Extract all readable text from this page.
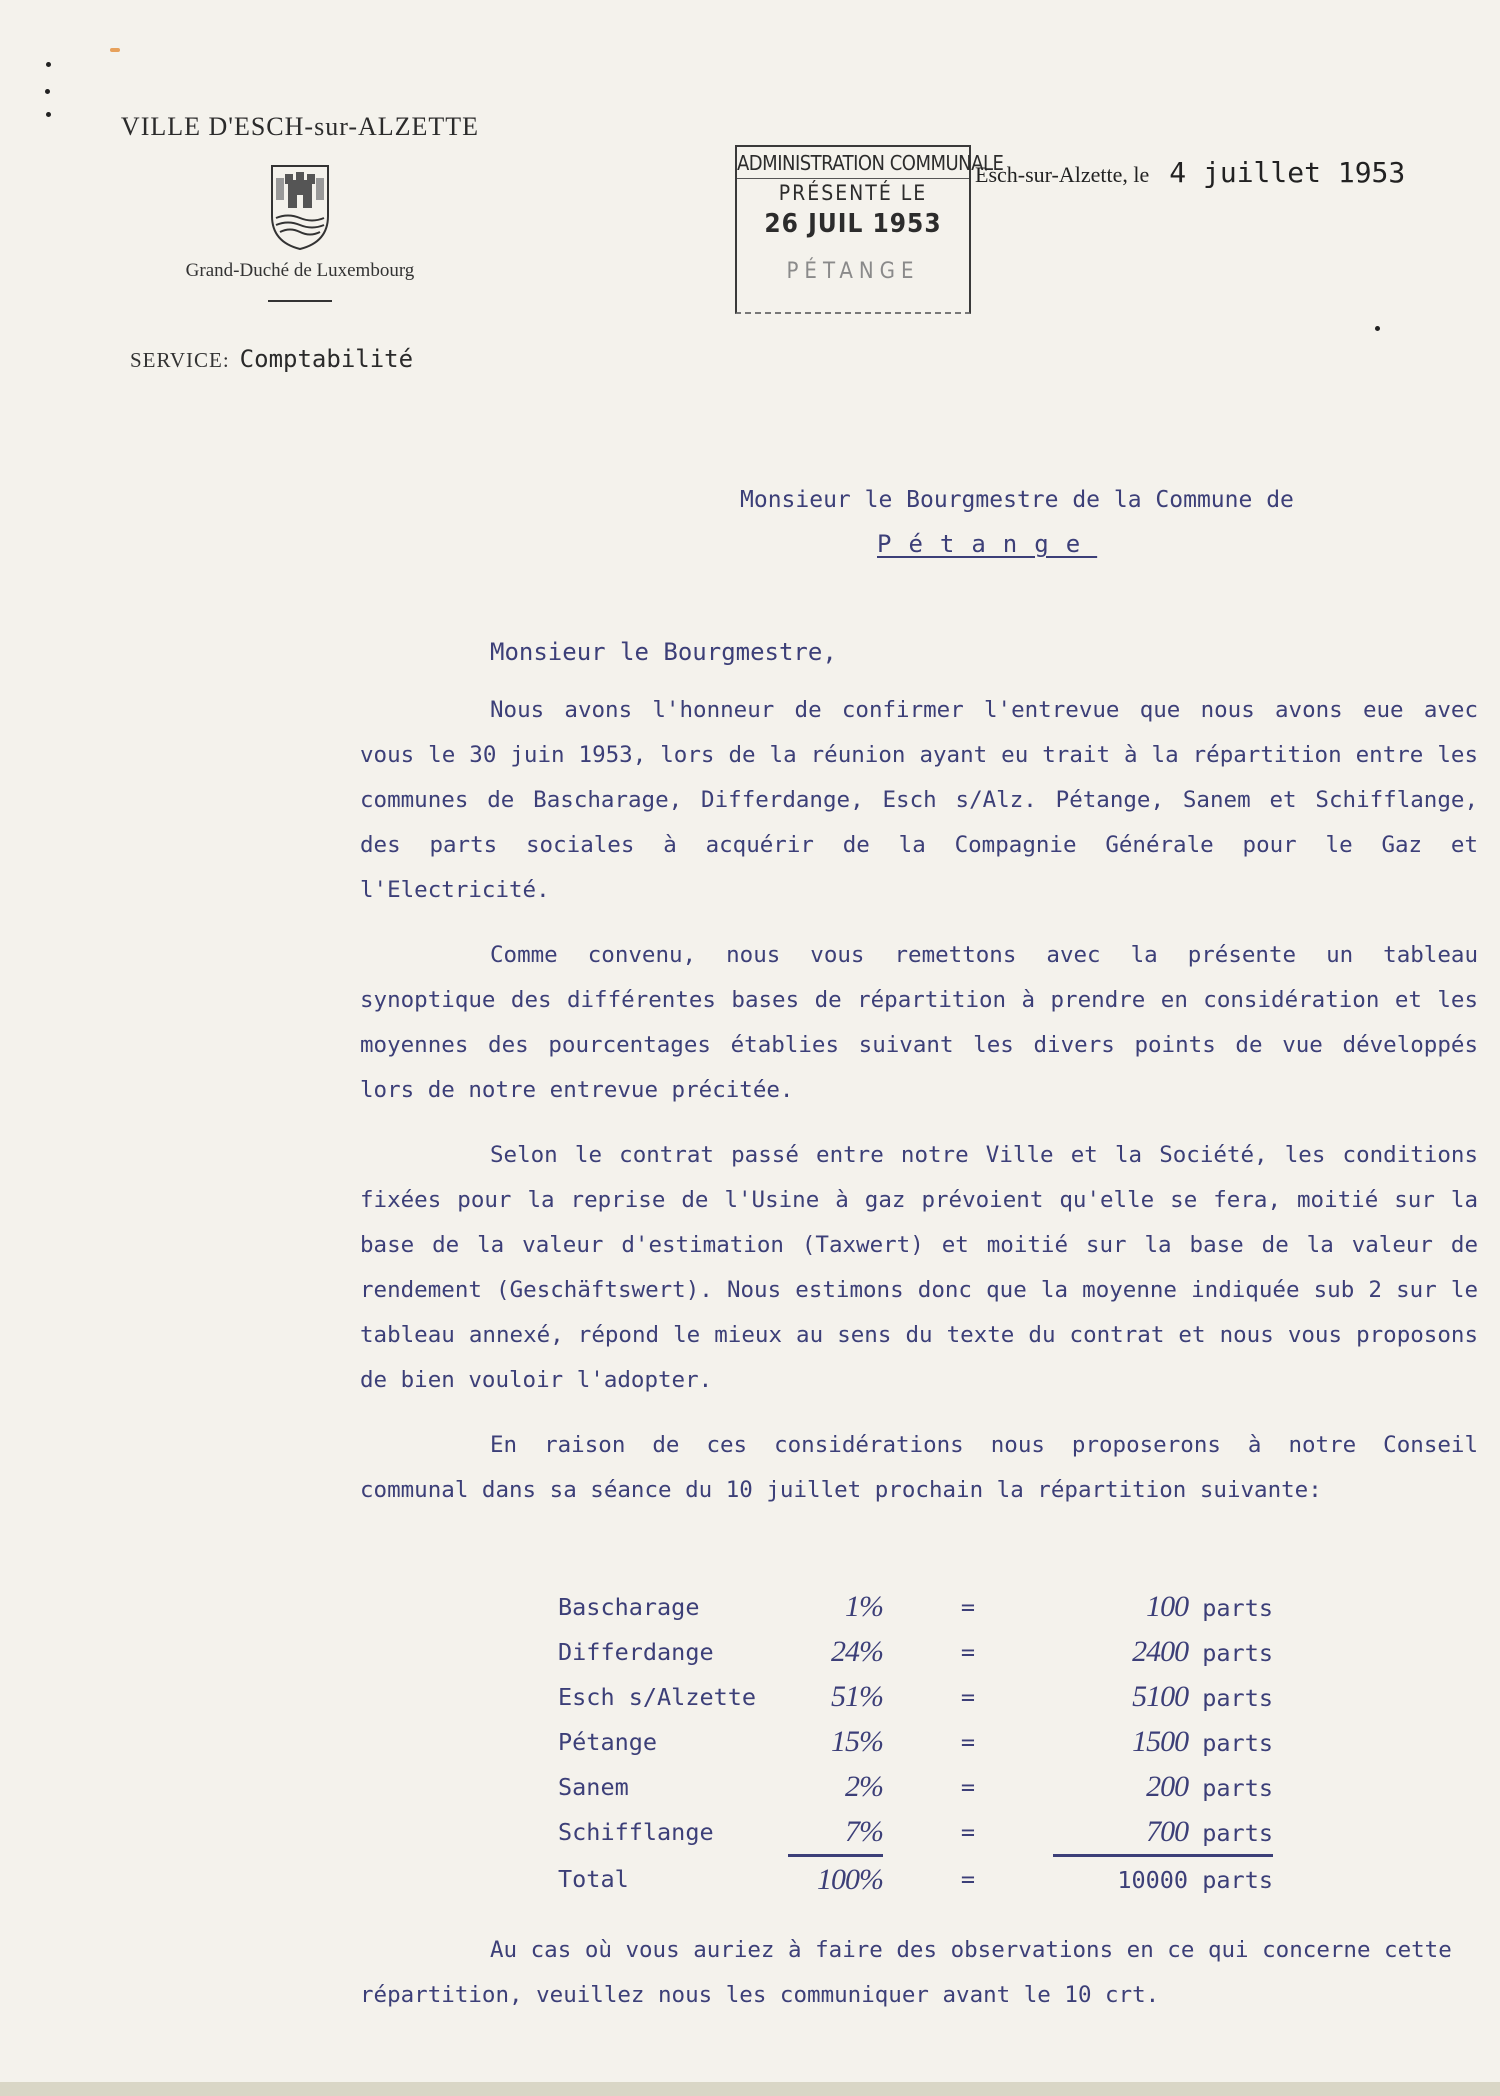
VILLE D'ESCH-sur-ALZETTE
Grand-Duché de Luxembourg
SERVICE: Comptabilité
ADMINISTRATION COMMUNALE
PRÉSENTÉ LE
26 JUIL 1953
PÉTANGE
Esch-sur-Alzette, le 4 juillet 1953
Monsieur le Bourgmestre de la Commune de
Pétange
Monsieur le Bourgmestre,

Nous avons l'honneur de confirmer l'entrevue que nous avons eue avec vous le 30 juin 1953, lors de la réunion ayant eu trait à la répartition entre les communes de Bascharage, Differdange, Esch s/Alz. Pétange, Sanem et Schifflange, des parts sociales à acquérir de la Compagnie Générale pour le Gaz et l'Electricité.

Comme convenu, nous vous remettons avec la présente un tableau synoptique des différentes bases de répartition à prendre en considération et les moyennes des pourcentages établies suivant les divers points de vue développés lors de notre entrevue précitée.

Selon le contrat passé entre notre Ville et la Société, les conditions fixées pour la reprise de l'Usine à gaz prévoient qu'elle se fera, moitié sur la base de la valeur d'estimation (Taxwert) et moitié sur la base de la valeur de rendement (Geschäftswert). Nous estimons donc que la moyenne indiquée sub 2 sur le tableau annexé, répond le mieux au sens du texte du contrat et nous vous proposons de bien vouloir l'adopter.

En raison de ces considérations nous proposerons à notre Conseil communal dans sa séance du 10 juillet prochain la répartition suivante:

Bascharage	1%	=	100 parts
Differdange	24%	=	2400 parts
Esch s/Alzette	51%	=	5100 parts
Pétange	15%	=	1500 parts
Sanem	2%	=	200 parts
Schifflange	7%	=	700 parts
Total	100%	=	10000 parts

Au cas où vous auriez à faire des observations en ce qui concerne cette répartition, veuillez nous les communiquer avant le 10 crt.
